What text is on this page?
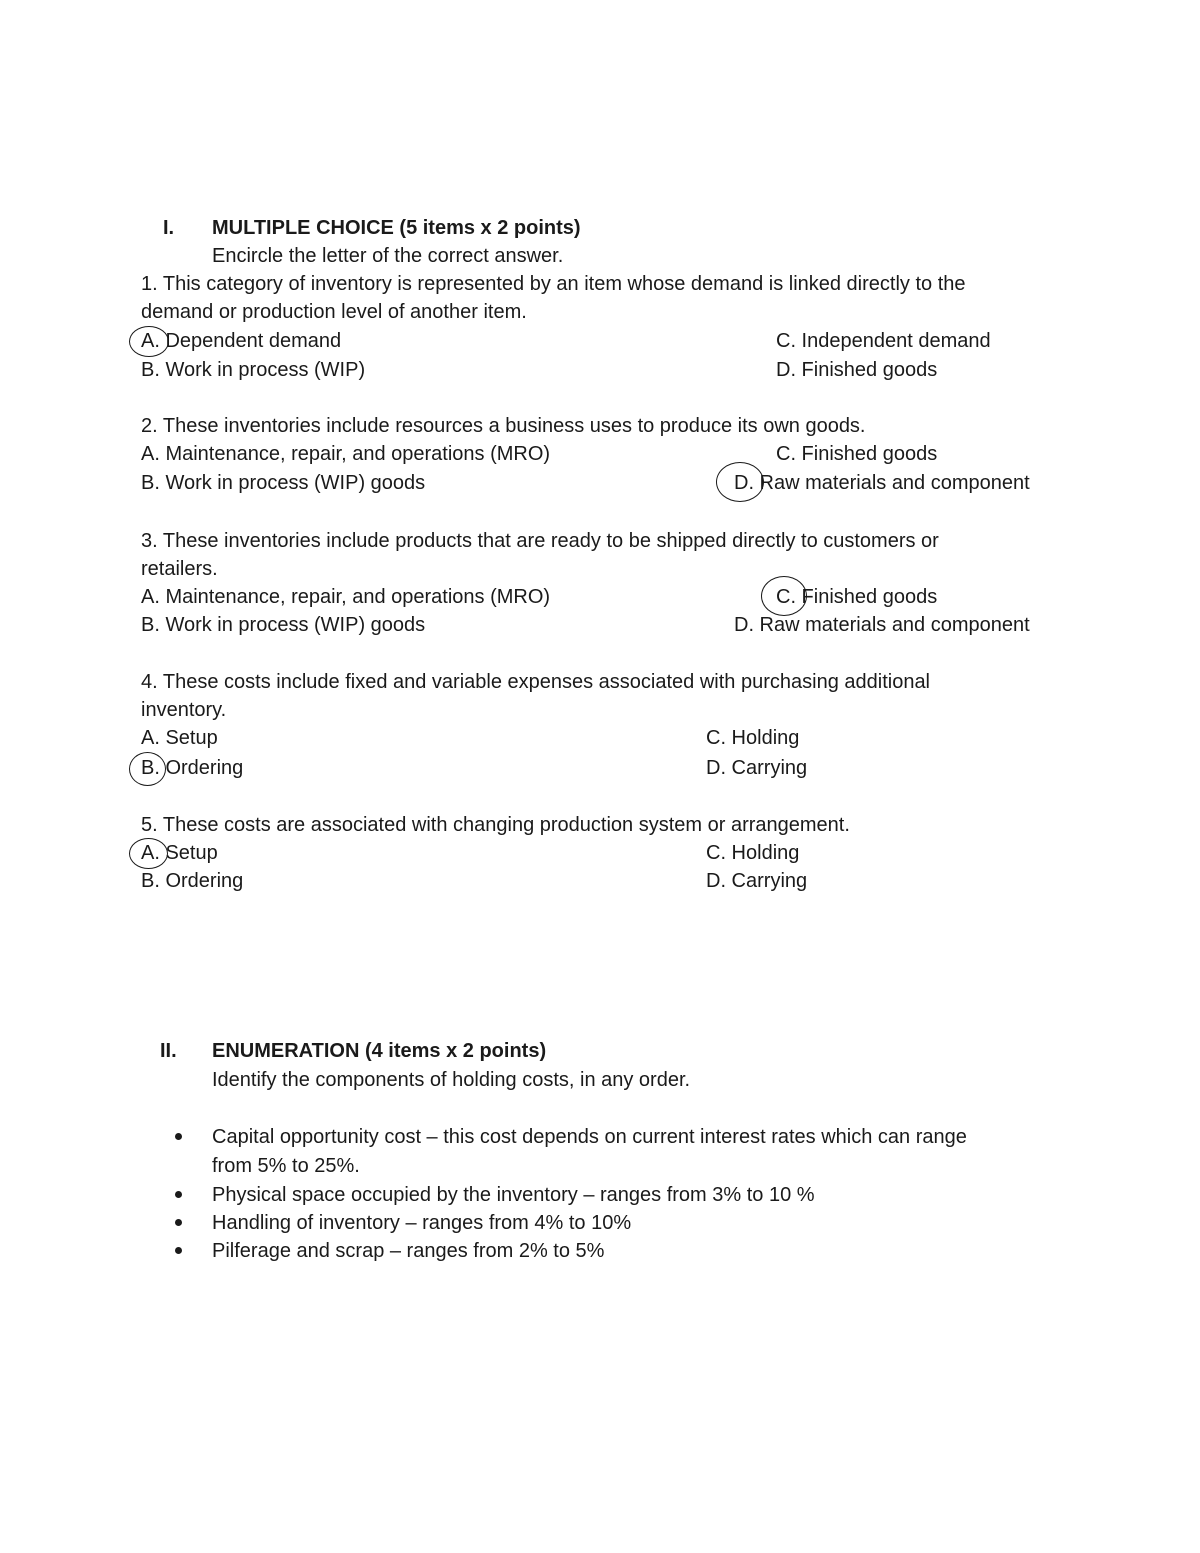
I. MULTIPLE CHOICE (5 items x 2 points)
Encircle the letter of the correct answer.
1. This category of inventory is represented by an item whose demand is linked directly to the
demand or production level of another item.
A. Dependent demand
B. Work in process (WIP)
C. Independent demand
D. Finished goods
2. These inventories include resources a business uses to produce its own goods.
A. Maintenance, repair, and operations (MRO)
B. Work in process (WIP) goods
C. Finished goods
D. Raw materials and component
3. These inventories include products that are ready to be shipped directly to customers or
retailers.
A. Maintenance, repair, and operations (MRO)
B. Work in process (WIP) goods
C. Finished goods
D. Raw materials and component
4. These costs include fixed and variable expenses associated with purchasing additional
inventory.
A. Setup
B. Ordering
C. Holding
D. Carrying
5. These costs are associated with changing production system or arrangement.
A. Setup
B. Ordering
C. Holding
D. Carrying
II. ENUMERATION (4 items x 2 points)
Identify the components of holding costs, in any order.
Capital opportunity cost – this cost depends on current interest rates which can range
from 5% to 25%.
Physical space occupied by the inventory – ranges from 3% to 10 %
Handling of inventory – ranges from 4% to 10%
Pilferage and scrap – ranges from 2% to 5%
